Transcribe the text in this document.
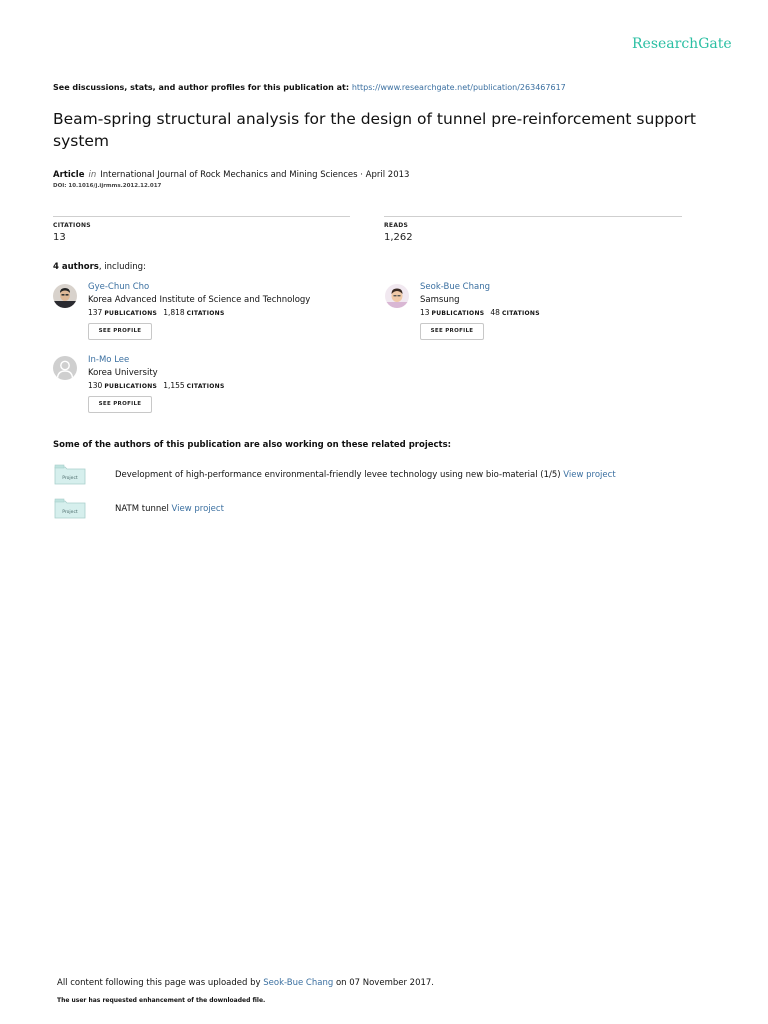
ResearchGate
See discussions, stats, and author profiles for this publication at: https://www.researchgate.net/publication/263467617
Beam-spring structural analysis for the design of tunnel pre-reinforcement support system
Article in International Journal of Rock Mechanics and Mining Sciences · April 2013
DOI: 10.1016/j.ijrmms.2012.12.017
CITATIONS
13
READS
1,262
4 authors, including:
Gye-Chun Cho
Korea Advanced Institute of Science and Technology
137 PUBLICATIONS 1,818 CITATIONS
SEE PROFILE
Seok-Bue Chang
Samsung
13 PUBLICATIONS 48 CITATIONS
SEE PROFILE
In-Mo Lee
Korea University
130 PUBLICATIONS 1,155 CITATIONS
SEE PROFILE
Some of the authors of this publication are also working on these related projects:
Project	Development of high-performance environmental-friendly levee technology using new bio-material (1/5) View project
Project	NATM tunnel View project
All content following this page was uploaded by Seok-Bue Chang on 07 November 2017.
The user has requested enhancement of the downloaded file.
